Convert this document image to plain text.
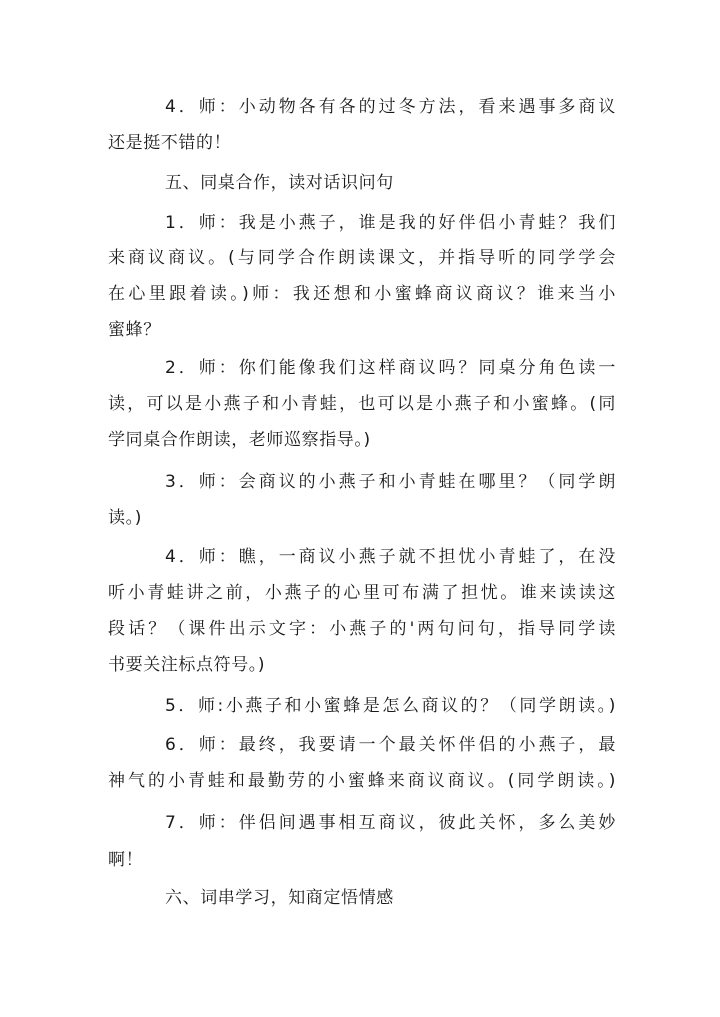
4．师：小动物各有各的过冬方法，看来遇事多商议
还是挺不错的！
五、同桌合作，读对话识问句
1．师：我是小燕子，谁是我的好伴侣小青蛙？我们
来商议商议。(与同学合作朗读课文，并指导听的同学学会
在心里跟着读。)师：我还想和小蜜蜂商议商议？谁来当小
蜜蜂？
2．师：你们能像我们这样商议吗？同桌分角色读一
读，可以是小燕子和小青蛙，也可以是小燕子和小蜜蜂。(同
学同桌合作朗读，老师巡察指导。)
3．师：会商议的小燕子和小青蛙在哪里？（同学朗
读。)
4．师：瞧，一商议小燕子就不担忧小青蛙了，在没
听小青蛙讲之前，小燕子的心里可布满了担忧。谁来读读这
段话？（课件出示文字：小燕子的'两句问句，指导同学读
书要关注标点符号。)
5．师:小燕子和小蜜蜂是怎么商议的？（同学朗读。)
6．师：最终，我要请一个最关怀伴侣的小燕子，最
神气的小青蛙和最勤劳的小蜜蜂来商议商议。(同学朗读。)
7．师：伴侣间遇事相互商议，彼此关怀，多么美妙
啊！
六、词串学习，知商定悟情感
